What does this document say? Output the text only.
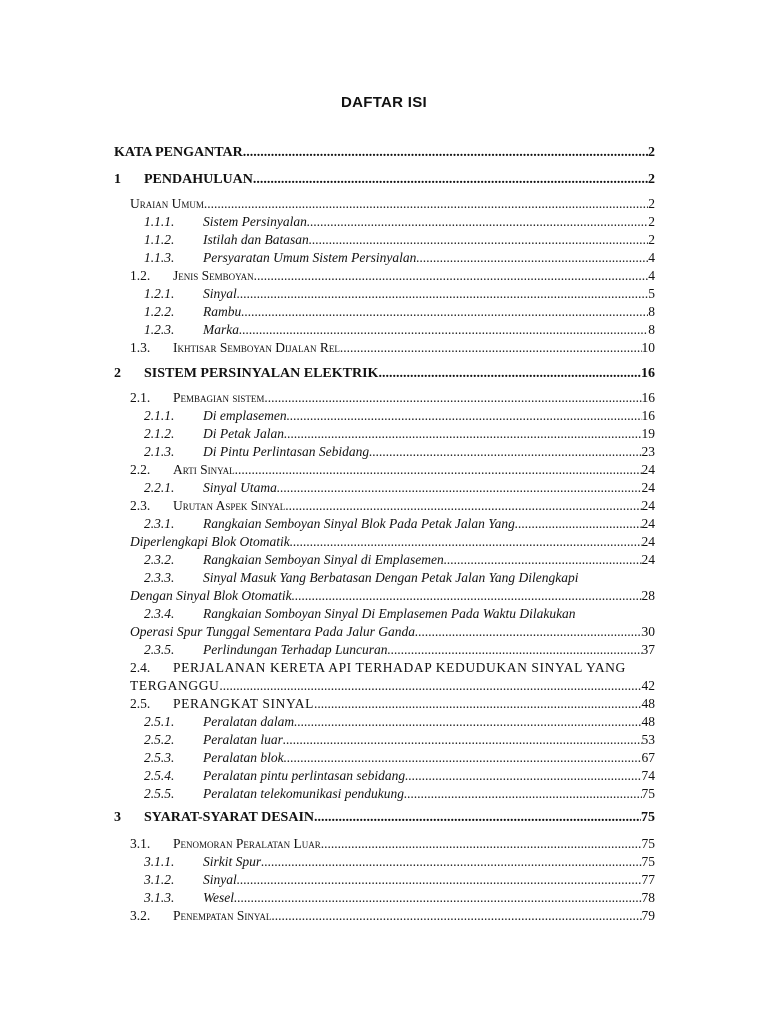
DAFTAR ISI
KATA PENGANTAR .....	2
1	PENDAHULUAN .....	2
Uraian Umum .....	2
1.1.1.	Sistem Persinyalan .....	2
1.1.2.	Istilah dan Batasan .....	2
1.1.3.	Persyaratan Umum Sistem Persinyalan .....	4
1.2.	Jenis Semboyan .....	4
1.2.1.	Sinyal .....	5
1.2.2.	Rambu .....	8
1.2.3.	Marka .....	8
1.3.	Ikhtisar Semboyan Dijalan Rel .....	10
2	SISTEM PERSINYALAN ELEKTRIK .....	16
2.1.	Pembagian sistem .....	16
2.1.1.	Di emplasemen .....	16
2.1.2.	Di Petak Jalan .....	19
2.1.3.	Di Pintu Perlintasan Sebidang .....	23
2.2.	Arti Sinyal .....	24
2.2.1.	Sinyal Utama .....	24
2.3.	Urutan Aspek Sinyal .....	24
2.3.1.	Rangkaian Semboyan Sinyal Blok Pada Petak Jalan Yang .....	24
Diperlengkapi Blok Otomatik .....	24
2.3.2.	Rangkaian Semboyan Sinyal di Emplasemen .....	24
2.3.3.	Sinyal Masuk Yang Berbatasan Dengan Petak Jalan Yang Dilengkapi
Dengan Sinyal Blok Otomatik .....	28
2.3.4.	Rangkaian Somboyan Sinyal Di Emplasemen Pada Waktu Dilakukan
Operasi Spur Tunggal Sementara Pada Jalur Ganda .....	30
2.3.5.	Perlindungan Terhadap Luncuran .....	37
2.4.	PERJALANAN KERETA API TERHADAP KEDUDUKAN SINYAL YANG
TERGANGGU .....	42
2.5.	PERANGKAT SINYAL .....	48
2.5.1.	Peralatan dalam .....	48
2.5.2.	Peralatan luar .....	53
2.5.3.	Peralatan blok .....	67
2.5.4.	Peralatan pintu perlintasan sebidang .....	74
2.5.5.	Peralatan telekomunikasi pendukung .....	75
3	SYARAT-SYARAT DESAIN .....	75
3.1.	Penomoran Peralatan Luar .....	75
3.1.1.	Sirkit Spur .....	75
3.1.2.	Sinyal .....	77
3.1.3.	Wesel .....	78
3.2.	Penempatan Sinyal .....	79
